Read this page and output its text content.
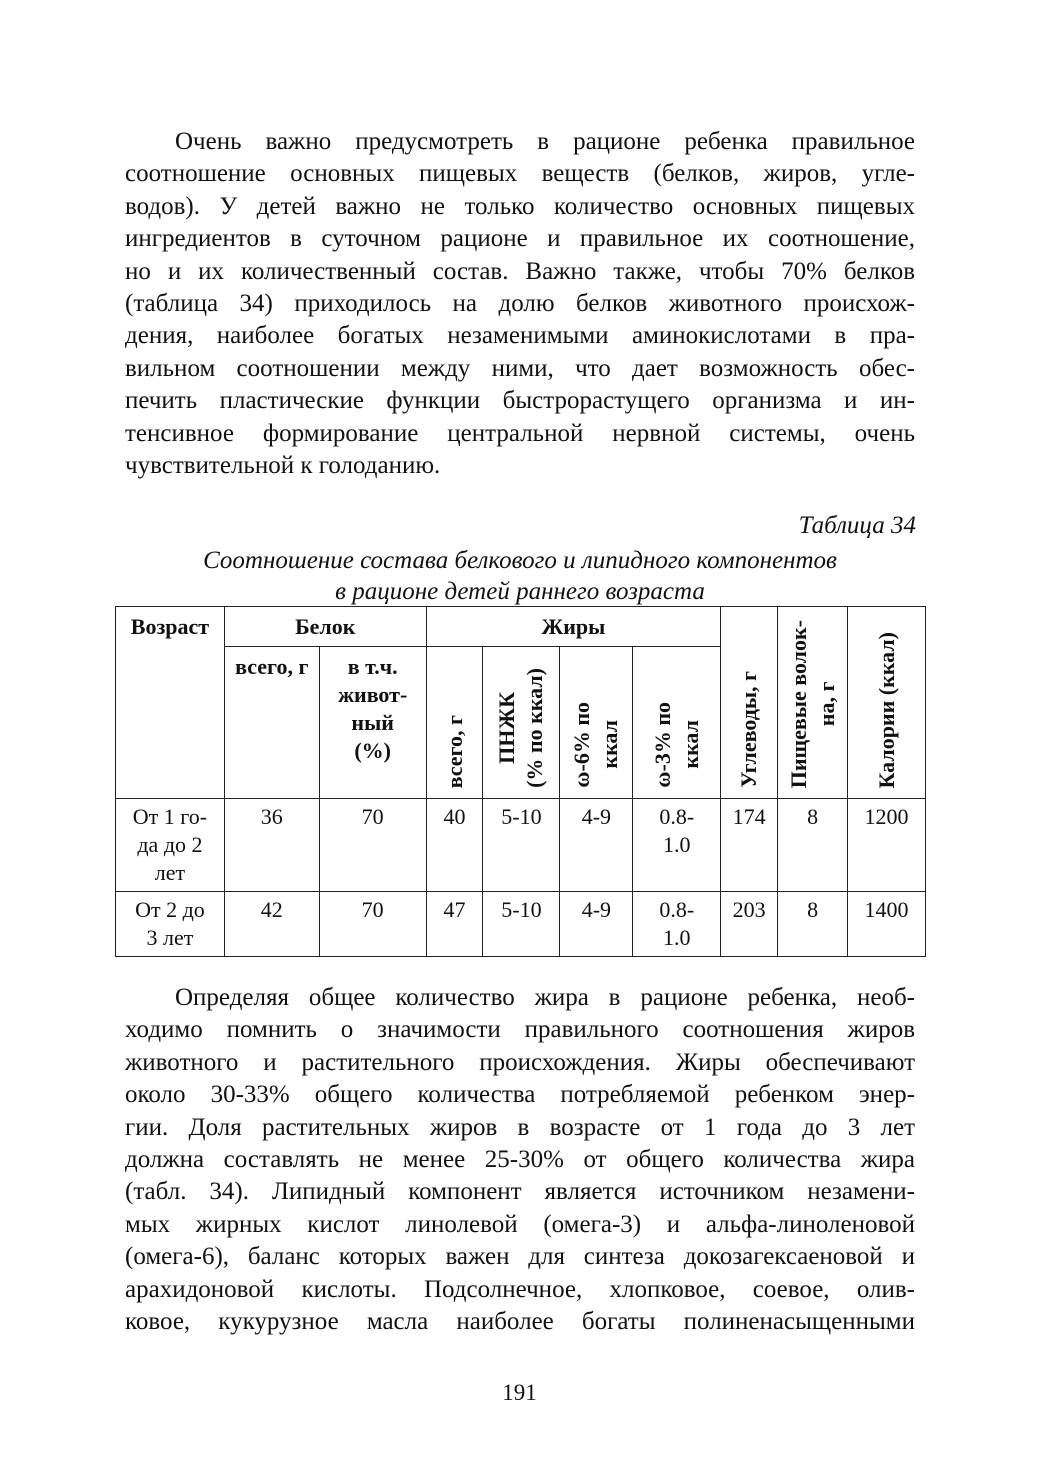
Очень важно предусмотреть в рационе ребенка правильное
соотношение основных пищевых веществ (белков, жиров, угле-
водов). У детей важно не только количество основных пищевых
ингредиентов в суточном рационе и правильное их соотношение,
но и их количественный состав. Важно также, чтобы 70% белков
(таблица 34) приходилось на долю белков животного происхож-
дения, наиболее богатых незаменимыми аминокислотами в пра-
вильном соотношении между ними, что дает возможность обес-
печить пластические функции быстрорастущего организма и ин-
тенсивное формирование центральной нервной системы, очень
чувствительной к голоданию.

Таблица 34

Соотношение состава белкового и липидного компонентов
в рационе детей раннего возраста

Возраст	Белок		Жиры				Углеводы, г	Пищевые волок- на, г	Калории (ккал)

	всего, г	в т.ч.
живот-
ный
(%)	всего, г	ПНЖК (% по ккал)	ω-6% по ккал	ω-3% по ккал			

От 1 го-
да до 2
лет	36	70	40	5-10	4-9	0.8-
1.0	174	8	1200
От 2 до
3 лет	42	70	47	5-10	4-9	0.8-
1.0	203	8	1400
Определяя общее количество жира в рационе ребенка, необ-
ходимо помнить о значимости правильного соотношения жиров
животного и растительного происхождения. Жиры обеспечивают
около 30-33% общего количества потребляемой ребенком энер-
гии. Доля растительных жиров в возрасте от 1 года до 3 лет
должна составлять не менее 25-30% от общего количества жира
(табл. 34). Липидный компонент является источником незамени-
мых жирных кислот линолевой (омега-3) и альфа-линоленовой
(омега-6), баланс которых важен для синтеза докозагексаеновой и
арахидоновой кислоты. Подсолнечное, хлопковое, соевое, олив-
ковое, кукурузное масла наиболее богаты полиненасыщенными

191
